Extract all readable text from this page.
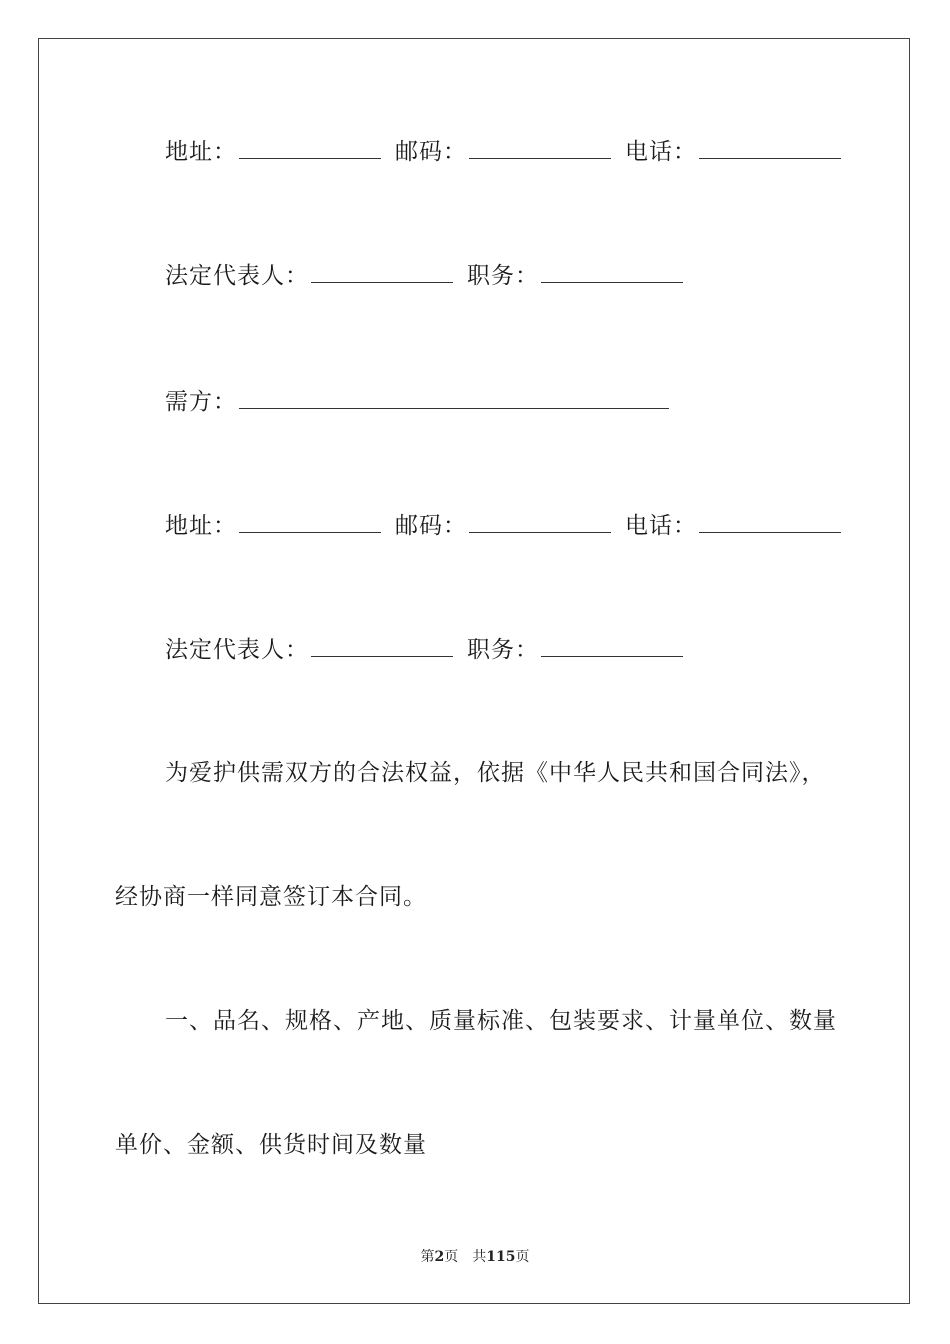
地址：	邮码：	电话：
法定代表人：	职务：
需方：
地址：	邮码：	电话：
法定代表人：	职务：
为爱护供需双方的合法权益，依据《中华人民共和国合同法》，
经协商一样同意签订本合同。
一、品名、规格、产地、质量标准、包装要求、计量单位、数量
单价、金额、供货时间及数量
第2页 共115页
